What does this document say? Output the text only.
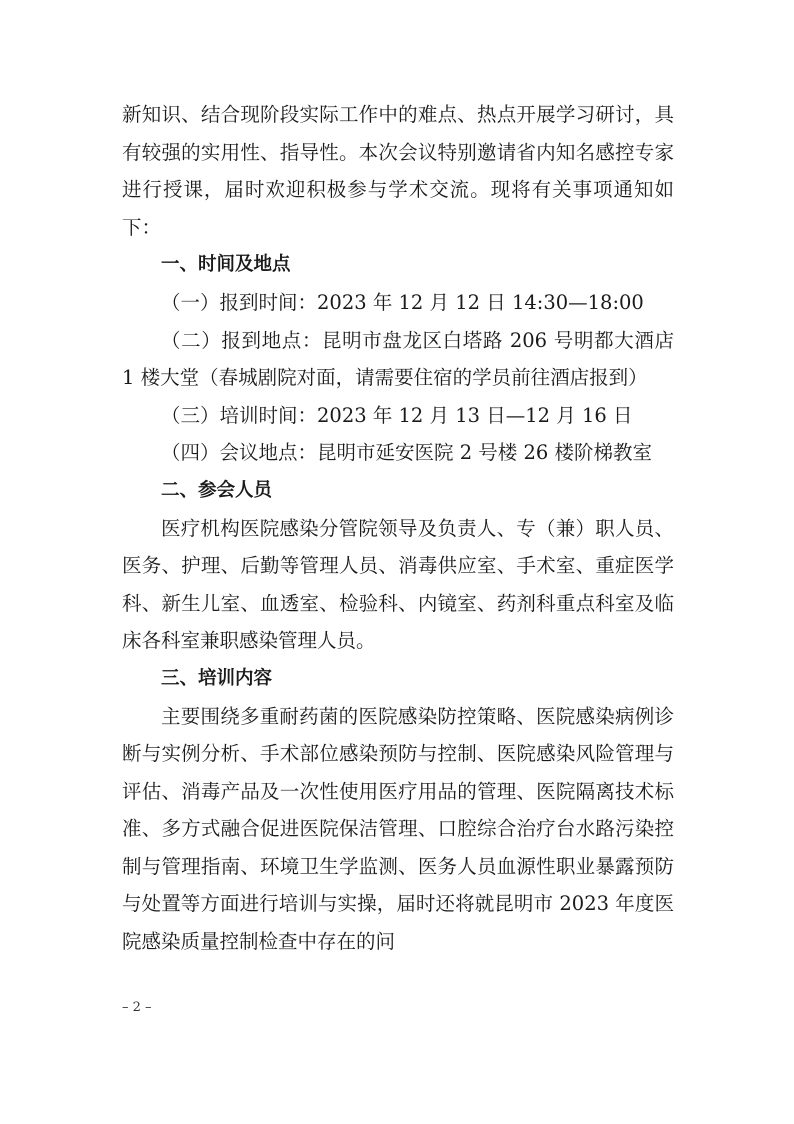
新知识、结合现阶段实际工作中的难点、热点开展学习研讨，具有较强的实用性、指导性。本次会议特别邀请省内知名感控专家进行授课，届时欢迎积极参与学术交流。现将有关事项通知如下：

一、时间及地点

（一）报到时间：2023 年 12 月 12 日 14:30—18:00

（二）报到地点：昆明市盘龙区白塔路 206 号明都大酒店 1 楼大堂（春城剧院对面，请需要住宿的学员前往酒店报到）

（三）培训时间：2023 年 12 月 13 日—12 月 16 日

（四）会议地点：昆明市延安医院 2 号楼 26 楼阶梯教室

二、参会人员

医疗机构医院感染分管院领导及负责人、专（兼）职人员、医务、护理、后勤等管理人员、消毒供应室、手术室、重症医学科、新生儿室、血透室、检验科、内镜室、药剂科重点科室及临床各科室兼职感染管理人员。

三、培训内容

主要围绕多重耐药菌的医院感染防控策略、医院感染病例诊断与实例分析、手术部位感染预防与控制、医院感染风险管理与评估、消毒产品及一次性使用医疗用品的管理、医院隔离技术标准、多方式融合促进医院保洁管理、口腔综合治疗台水路污染控制与管理指南、环境卫生学监测、医务人员血源性职业暴露预防与处置等方面进行培训与实操，届时还将就昆明市 2023 年度医院感染质量控制检查中存在的问

– 2 –
